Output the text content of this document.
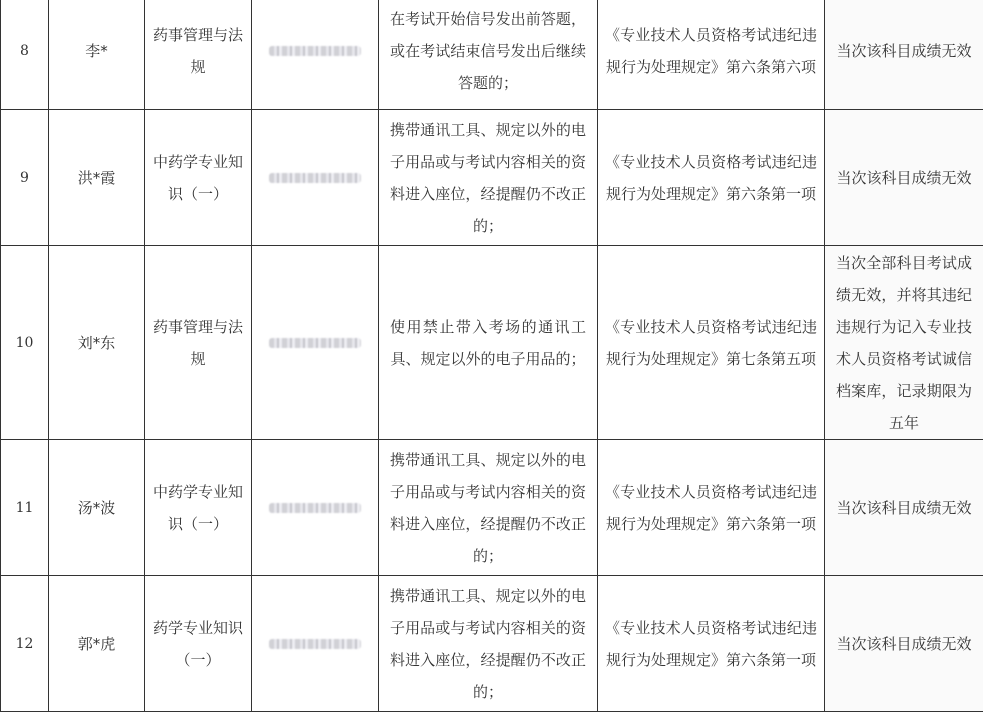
8	李*	药事管理与法规		在考试开始信号发出前答题，或在考试结束信号发出后继续答题的；	《专业技术人员资格考试违纪违规行为处理规定》第六条第六项	当次该科目成绩无效
9	洪*霞	中药学专业知识（一）		携带通讯工具、规定以外的电子用品或与考试内容相关的资料进入座位，经提醒仍不改正的；	《专业技术人员资格考试违纪违规行为处理规定》第六条第一项	当次该科目成绩无效
10	刘*东	药事管理与法规		使用禁止带入考场的通讯工具、规定以外的电子用品的；	《专业技术人员资格考试违纪违规行为处理规定》第七条第五项	当次全部科目考试成绩无效，并将其违纪违规行为记入专业技术人员资格考试诚信档案库，记录期限为五年
11	汤*波	中药学专业知识（一）		携带通讯工具、规定以外的电子用品或与考试内容相关的资料进入座位，经提醒仍不改正的；	《专业技术人员资格考试违纪违规行为处理规定》第六条第一项	当次该科目成绩无效
12	郭*虎	药学专业知识（一）		携带通讯工具、规定以外的电子用品或与考试内容相关的资料进入座位，经提醒仍不改正的；	《专业技术人员资格考试违纪违规行为处理规定》第六条第一项	当次该科目成绩无效
